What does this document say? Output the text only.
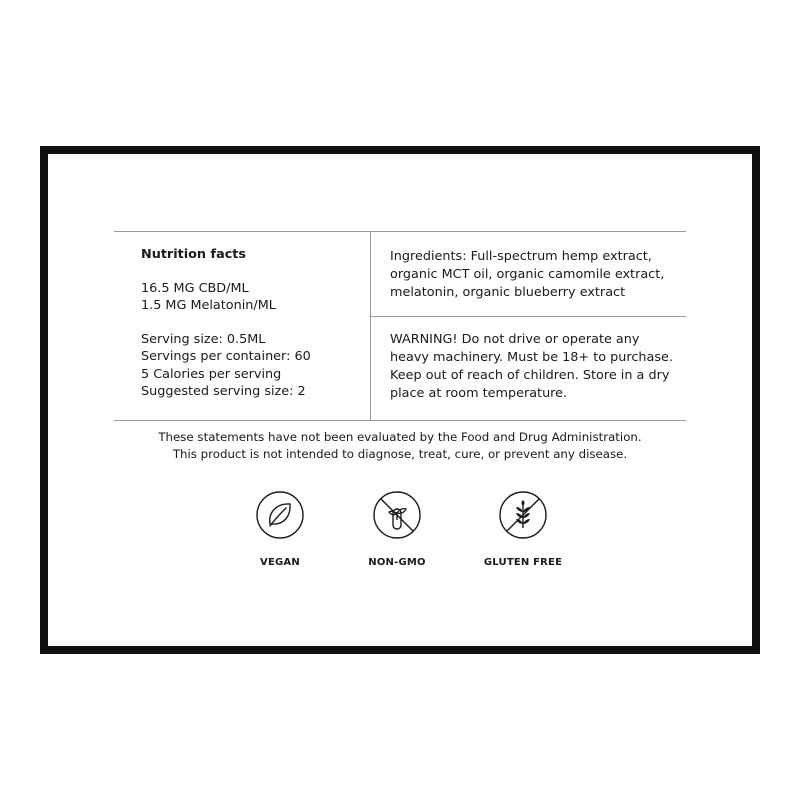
Nutrition facts
16.5 MG CBD/ML
1.5 MG Melatonin/ML
Serving size: 0.5ML
Servings per container: 60
5 Calories per serving
Suggested serving size: 2
Ingredients: Full-spectrum hemp extract,
organic MCT oil, organic camomile extract,
melatonin, organic blueberry extract
WARNING! Do not drive or operate any
heavy machinery. Must be 18+ to purchase.
Keep out of reach of children. Store in a dry
place at room temperature.
These statements have not been evaluated by the Food and Drug Administration.
This product is not intended to diagnose, treat, cure, or prevent any disease.
VEGAN	NON-GMO	GLUTEN FREE
